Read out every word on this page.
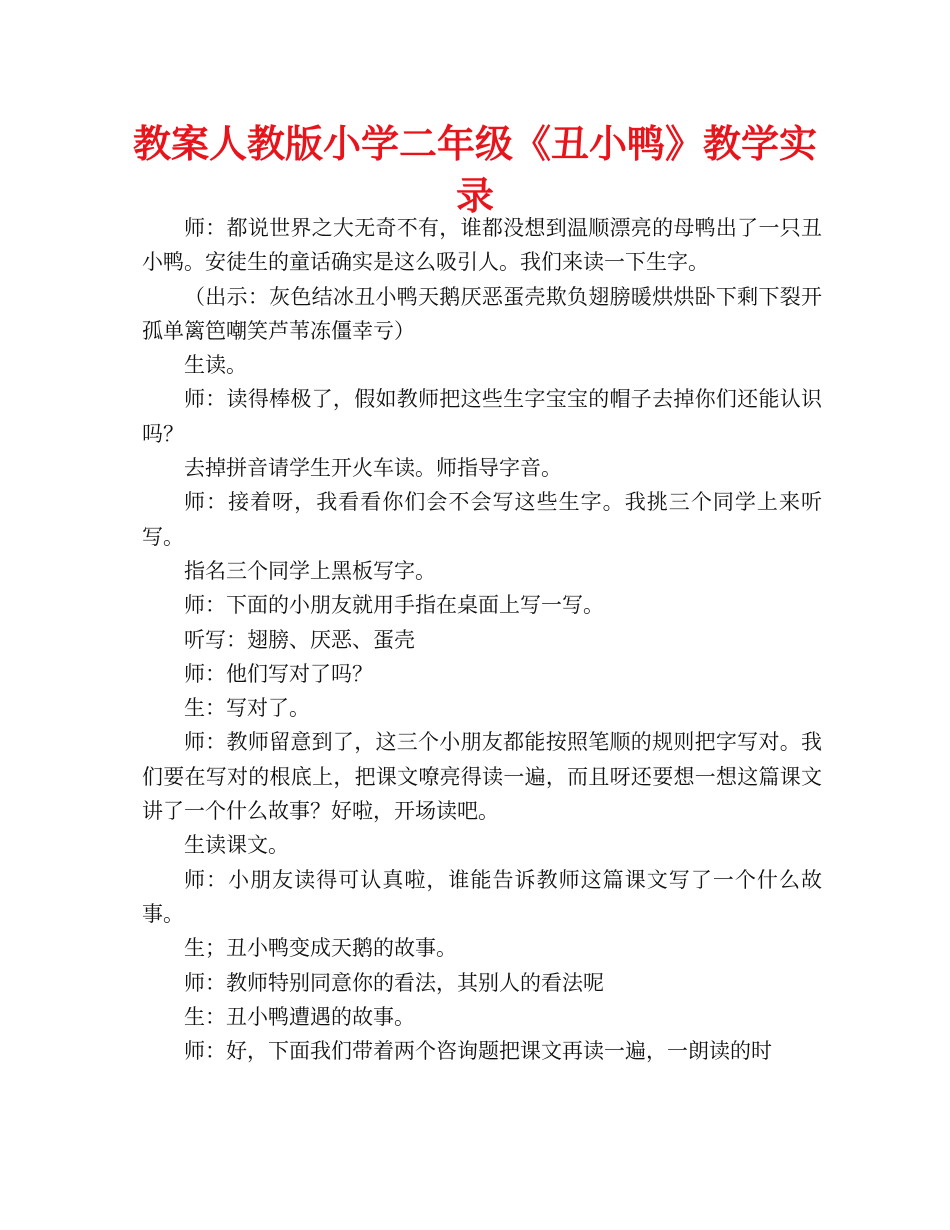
教案人教版小学二年级《丑小鸭》教学实录

师：都说世界之大无奇不有，谁都没想到温顺漂亮的母鸭出了一只丑小鸭。安徒生的童话确实是这么吸引人。我们来读一下生字。

（出示：灰色结冰丑小鸭天鹅厌恶蛋壳欺负翅膀暖烘烘卧下剩下裂开孤单篱笆嘲笑芦苇冻僵幸亏）

生读。

师：读得棒极了，假如教师把这些生字宝宝的帽子去掉你们还能认识吗？

去掉拼音请学生开火车读。师指导字音。

师：接着呀，我看看你们会不会写这些生字。我挑三个同学上来听写。

指名三个同学上黑板写字。

师：下面的小朋友就用手指在桌面上写一写。

听写：翅膀、厌恶、蛋壳

师：他们写对了吗？

生：写对了。

师：教师留意到了，这三个小朋友都能按照笔顺的规则把字写对。我们要在写对的根底上，把课文嘹亮得读一遍，而且呀还要想一想这篇课文讲了一个什么故事？好啦，开场读吧。

生读课文。

师：小朋友读得可认真啦，谁能告诉教师这篇课文写了一个什么故事。

生；丑小鸭变成天鹅的故事。

师：教师特别同意你的看法，其别人的看法呢

生：丑小鸭遭遇的故事。

师：好，下面我们带着两个咨询题把课文再读一遍，一朗读的时
